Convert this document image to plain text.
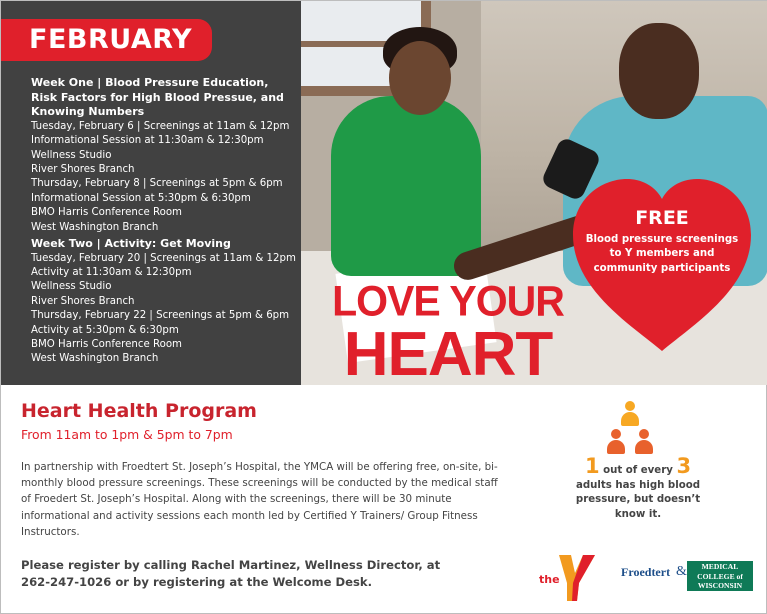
FEBRUARY
Week One | Blood Pressure Education,
Risk Factors for High Blood Pressue, and
Knowing Numbers
Tuesday, February 6 | Screenings at 11am & 12pm
Informational Session at 11:30am & 12:30pm
Wellness Studio
River Shores Branch
Thursday, February 8 | Screenings at 5pm & 6pm
Informational Session at 5:30pm & 6:30pm
BMO Harris Conference Room
West Washington Branch
Week Two | Activity: Get Moving
Tuesday, February 20 | Screenings at 11am & 12pm
Activity at 11:30am & 12:30pm
Wellness Studio
River Shores Branch
Thursday, February 22 | Screenings at 5pm & 6pm
Activity at 5:30pm & 6:30pm
BMO Harris Conference Room
West Washington Branch
LOVE YOUR
HEART
FREE
Blood pressure screenings to Y members and community participants
Heart Health Program
From 11am to 1pm & 5pm to 7pm
In partnership with Froedtert St. Joseph’s Hospital, the YMCA will be offering free, on-site, bi-monthly blood pressure screenings. These screenings will be conducted by the medical staff of Froedert St. Joseph’s Hospital. Along with the screenings, there will be 30 minute informational and activity sessions each month led by Certified Y Trainers/ Group Fitness Instructors.
Please register by calling Rachel Martinez, Wellness Director, at 262-247-1026 or by registering at the Welcome Desk.
1 out of every 3
adults has high blood pressure, but doesn’t know it.
the
Froedtert &	MEDICAL
COLLEGE of
WISCONSIN
